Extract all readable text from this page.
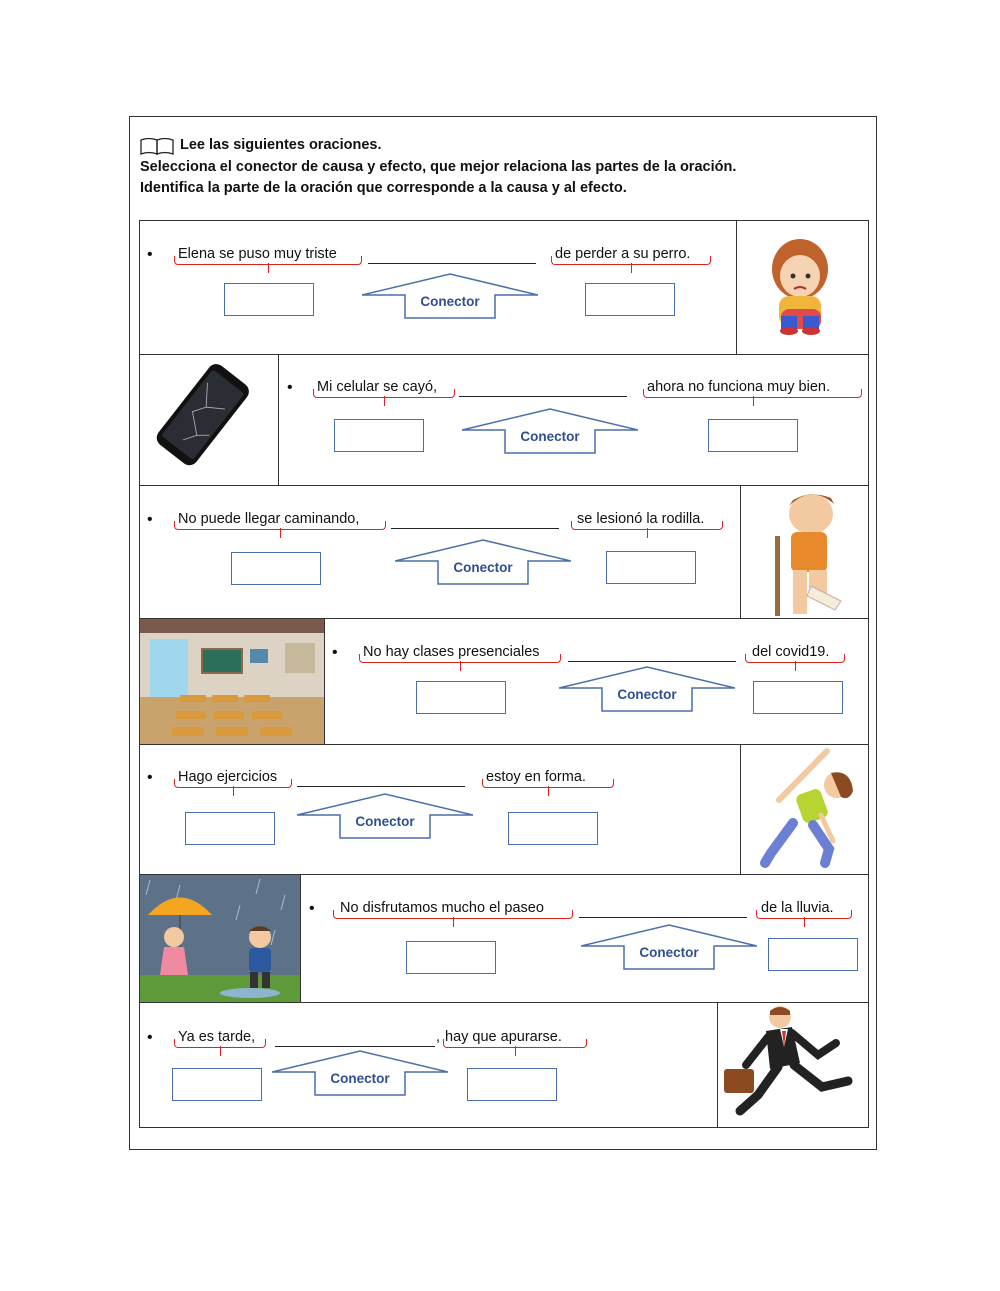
Lee las siguientes oraciones.
Selecciona el conector de causa y efecto, que mejor relaciona las partes de la oración.
Identifica la parte de la oración que corresponde a la causa y al efecto.
• Elena se puso muy triste	de perder a su perro.
Conector
• Mi celular se cayó,	ahora no funciona muy bien.
Conector
• No puede llegar caminando,	se lesionó la rodilla.
Conector
• No hay clases presenciales	del covid19.
Conector
• Hago ejercicios	estoy en forma.
Conector
• No disfrutamos mucho el paseo	de la lluvia.
Conector
• Ya es tarde,	, hay que apurarse.
Conector
